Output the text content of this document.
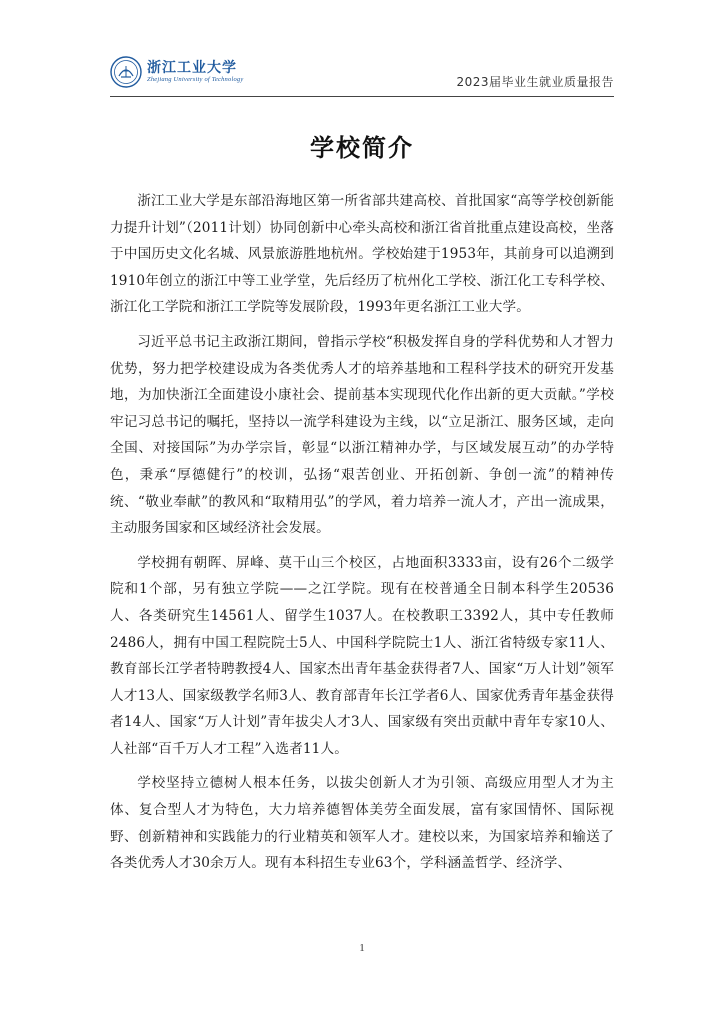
浙江工业大学
Zhejiang University of Technology	2023届毕业生就业质量报告
学校简介

浙江工业大学是东部沿海地区第一所省部共建高校、首批国家“高等学校创新能力提升计划”（2011计划）协同创新中心牵头高校和浙江省首批重点建设高校，坐落于中国历史文化名城、风景旅游胜地杭州。学校始建于1953年，其前身可以追溯到1910年创立的浙江中等工业学堂，先后经历了杭州化工学校、浙江化工专科学校、浙江化工学院和浙江工学院等发展阶段，1993年更名浙江工业大学。

习近平总书记主政浙江期间，曾指示学校“积极发挥自身的学科优势和人才智力优势，努力把学校建设成为各类优秀人才的培养基地和工程科学技术的研究开发基地，为加快浙江全面建设小康社会、提前基本实现现代化作出新的更大贡献。”学校牢记习总书记的嘱托，坚持以一流学科建设为主线，以“立足浙江、服务区域，走向全国、对接国际”为办学宗旨，彰显“以浙江精神办学，与区域发展互动”的办学特色，秉承“厚德健行”的校训，弘扬“艰苦创业、开拓创新、争创一流”的精神传统、“敬业奉献”的教风和“取精用弘”的学风，着力培养一流人才，产出一流成果，主动服务国家和区域经济社会发展。

学校拥有朝晖、屏峰、莫干山三个校区，占地面积3333亩，设有26个二级学院和1个部，另有独立学院——之江学院。现有在校普通全日制本科学生20536人、各类研究生14561人、留学生1037人。在校教职工3392人，其中专任教师2486人，拥有中国工程院院士5人、中国科学院院士1人、浙江省特级专家11人、教育部长江学者特聘教授4人、国家杰出青年基金获得者7人、国家“万人计划”领军人才13人、国家级教学名师3人、教育部青年长江学者6人、国家优秀青年基金获得者14人、国家“万人计划”青年拔尖人才3人、国家级有突出贡献中青年专家10人、人社部“百千万人才工程”入选者11人。

学校坚持立德树人根本任务，以拔尖创新人才为引领、高级应用型人才为主体、复合型人才为特色，大力培养德智体美劳全面发展，富有家国情怀、国际视野、创新精神和实践能力的行业精英和领军人才。建校以来，为国家培养和输送了各类优秀人才30余万人。现有本科招生专业63个，学科涵盖哲学、经济学、

1
